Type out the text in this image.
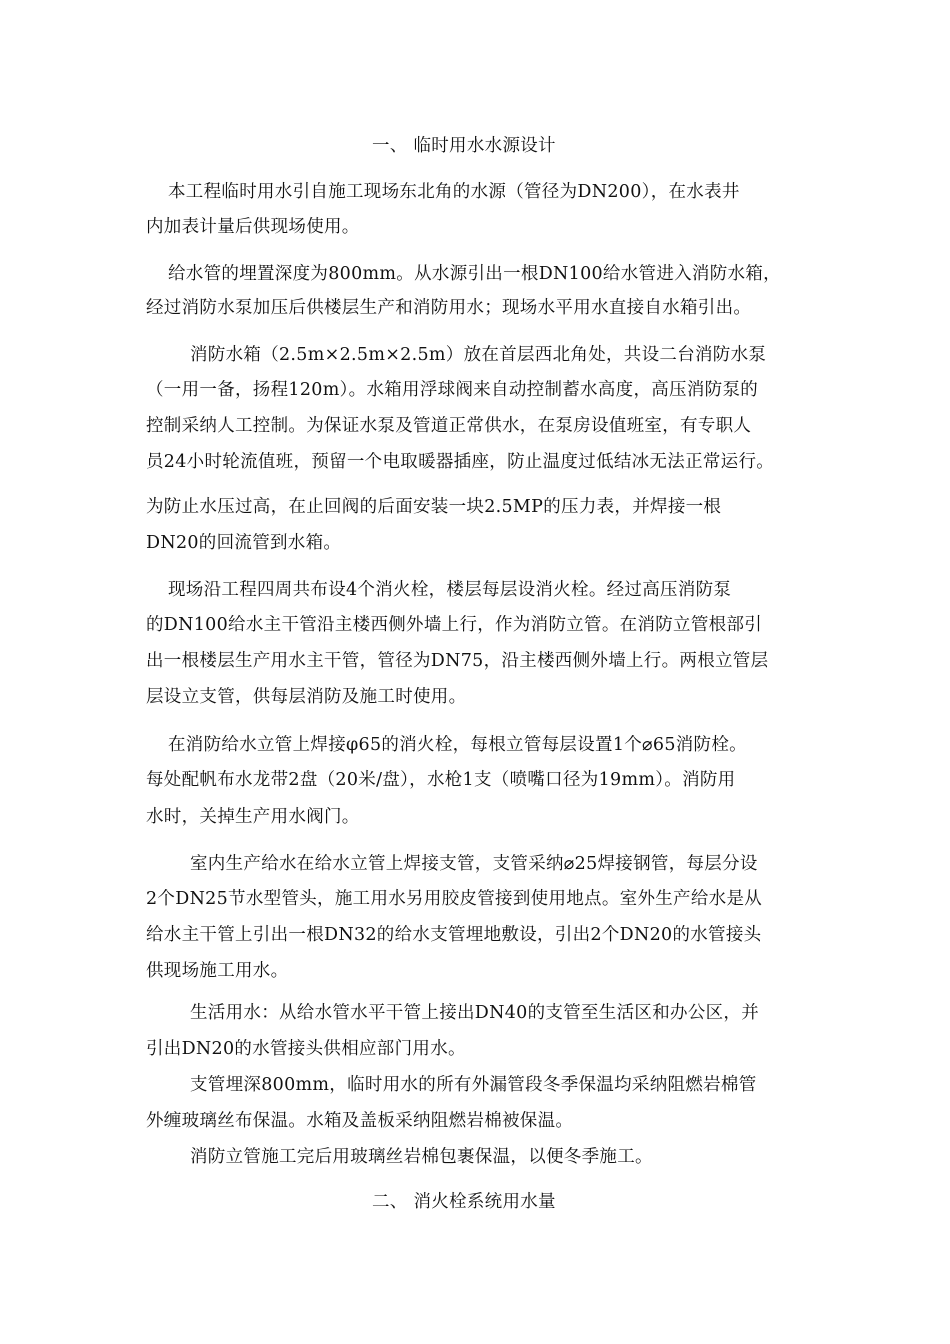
一、 临时用水水源设计
本工程临时用水引自施工现场东北角的水源（管径为DN200），在水表井
内加表计量后供现场使用。
给水管的埋置深度为800mm。从水源引出一根DN100给水管进入消防水箱，
经过消防水泵加压后供楼层生产和消防用水；现场水平用水直接自水箱引出。
消防水箱（2.5m×2.5m×2.5m）放在首层西北角处，共设二台消防水泵
（一用一备，扬程120m）。水箱用浮球阀来自动控制蓄水高度，高压消防泵的
控制采纳人工控制。为保证水泵及管道正常供水，在泵房设值班室，有专职人
员24小时轮流值班，预留一个电取暖器插座，防止温度过低结冰无法正常运行。
为防止水压过高，在止回阀的后面安装一块2.5MP的压力表，并焊接一根
DN20的回流管到水箱。
现场沿工程四周共布设4个消火栓，楼层每层设消火栓。经过高压消防泵
的DN100给水主干管沿主楼西侧外墙上行，作为消防立管。在消防立管根部引
出一根楼层生产用水主干管，管径为DN75，沿主楼西侧外墙上行。两根立管层
层设立支管，供每层消防及施工时使用。
在消防给水立管上焊接φ65的消火栓，每根立管每层设置1个⌀65消防栓。
每处配帆布水龙带2盘（20米/盘），水枪1支（喷嘴口径为19mm）。消防用
水时，关掉生产用水阀门。
室内生产给水在给水立管上焊接支管，支管采纳⌀25焊接钢管，每层分设
2个DN25节水型管头，施工用水另用胶皮管接到使用地点。室外生产给水是从
给水主干管上引出一根DN32的给水支管埋地敷设，引出2个DN20的水管接头
供现场施工用水。
生活用水：从给水管水平干管上接出DN40的支管至生活区和办公区，并
引出DN20的水管接头供相应部门用水。
支管埋深800mm，临时用水的所有外漏管段冬季保温均采纳阻燃岩棉管
外缠玻璃丝布保温。水箱及盖板采纳阻燃岩棉被保温。
消防立管施工完后用玻璃丝岩棉包裹保温，以便冬季施工。
二、 消火栓系统用水量
